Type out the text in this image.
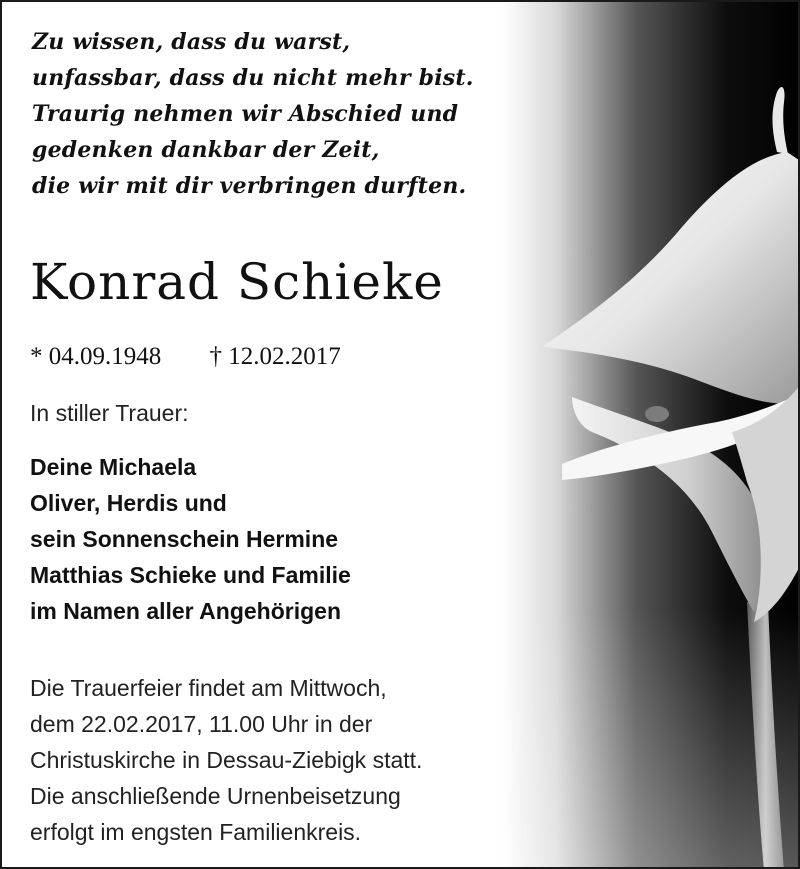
Zu wissen, dass du warst,
unfassbar, dass du nicht mehr bist.
Traurig nehmen wir Abschied und
gedenken dankbar der Zeit,
die wir mit dir verbringen durften.
Konrad Schieke
* 04.09.1948 † 12.02.2017
In stiller Trauer:
Deine Michaela
Oliver, Herdis und
sein Sonnenschein Hermine
Matthias Schieke und Familie
im Namen aller Angehörigen
Die Trauerfeier findet am Mittwoch,
dem 22.02.2017, 11.00 Uhr in der
Christuskirche in Dessau-Ziebigk statt.
Die anschließende Urnenbeisetzung
erfolgt im engsten Familienkreis.
